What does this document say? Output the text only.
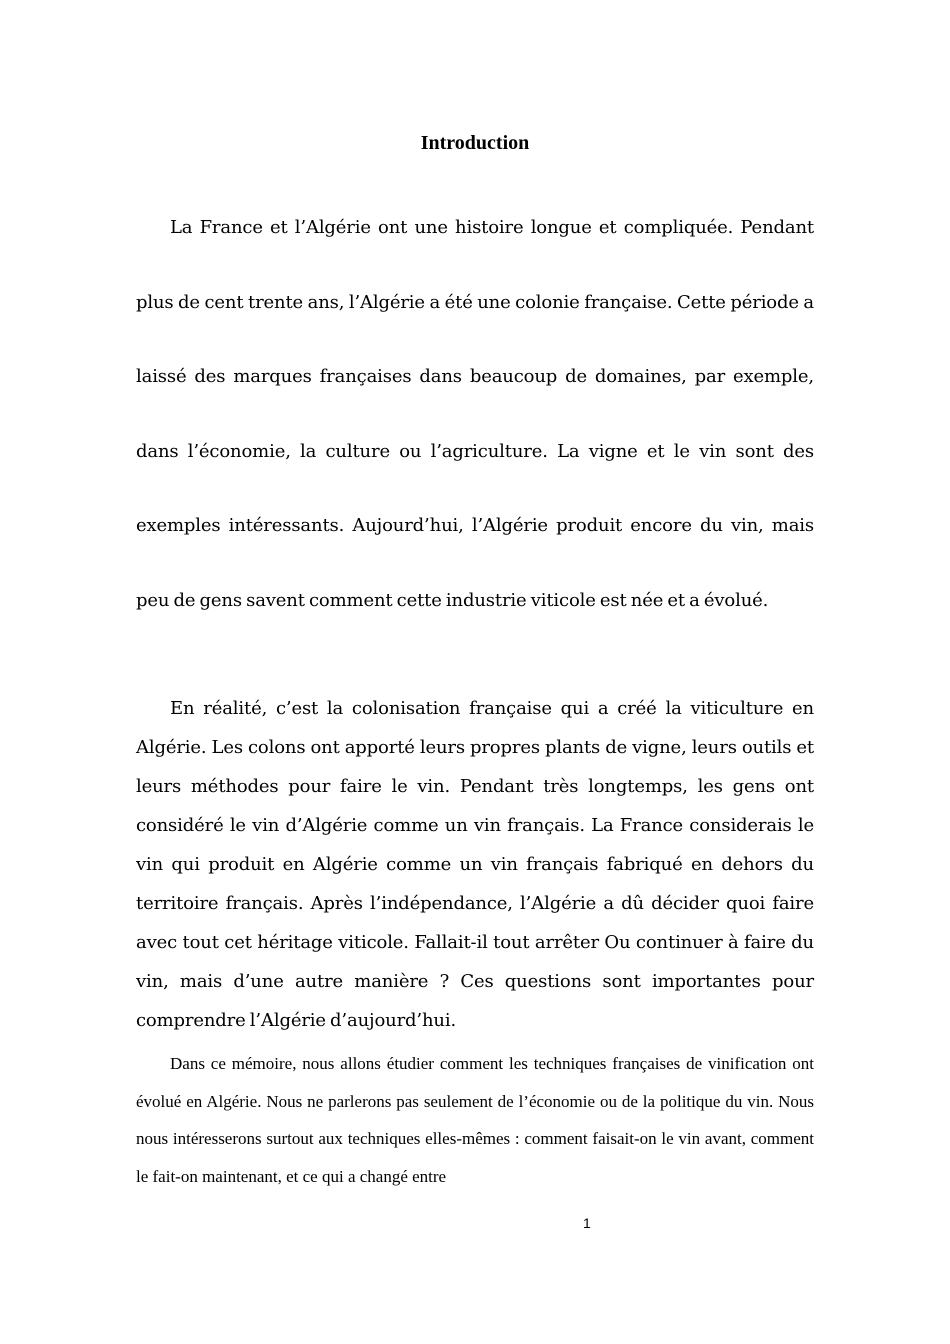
Introduction

La France et l’Algérie ont une histoire longue et compliquée. Pendant plus de cent trente ans, l’Algérie a été une colonie française. Cette période a laissé des marques françaises dans beaucoup de domaines, par exemple, dans l’économie, la culture ou l’agriculture. La vigne et le vin sont des exemples intéressants. Aujourd’hui, l’Algérie produit encore du vin, mais peu de gens savent comment cette industrie viticole est née et a évolué.

En réalité, c’est la colonisation française qui a créé la viticulture en Algérie. Les colons ont apporté leurs propres plants de vigne, leurs outils et leurs méthodes pour faire le vin. Pendant très longtemps, les gens ont considéré le vin d’Algérie comme un vin français. La France considerais le vin qui produit en Algérie comme un vin français fabriqué en dehors du territoire français. Après l’indépendance, l’Algérie a dû décider quoi faire avec tout cet héritage viticole. Fallait-il tout arrêter Ou continuer à faire du vin, mais d’une autre manière ? Ces questions sont importantes pour comprendre l’Algérie d’aujourd’hui.

Dans ce mémoire, nous allons étudier comment les techniques françaises de vinification ont évolué en Algérie. Nous ne parlerons pas seulement de l’économie ou de la politique du vin. Nous nous intéresserons surtout aux techniques elles-mêmes : comment faisait-on le vin avant, comment le fait-on maintenant, et ce qui a changé entre

1
